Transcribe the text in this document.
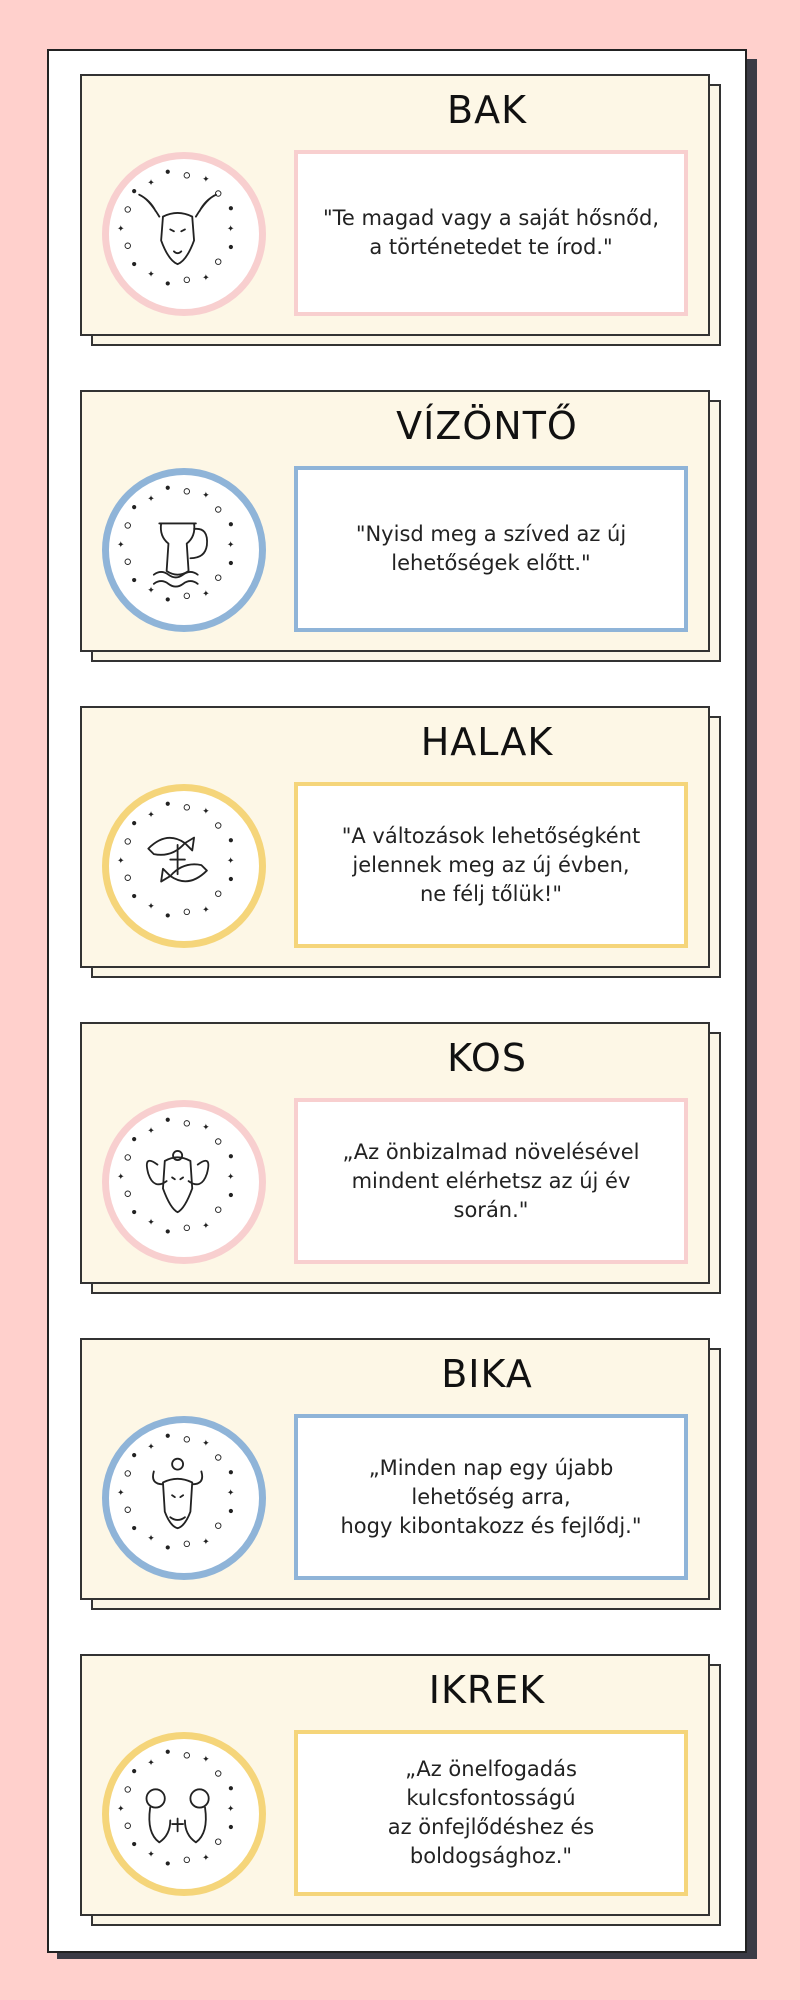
BAK
✦
✦
✦
✦
✦	✦
"Te magad vagy a saját hősnőd,
a történetedet te írod."
VÍZÖNTŐ
✦
✦
✦
✦
✦	✦
"Nyisd meg a szíved az új
lehetőségek előtt."
HALAK
✦
✦
✦
✦
✦	✦
"A változások lehetőségként
jelennek meg az új évben,
ne félj tőlük!"
KOS
✦
✦
✦
✦
✦	✦
„Az önbizalmad növelésével
mindent elérhetsz az új év
során."
BIKA
✦
✦
✦
✦
✦	✦
„Minden nap egy újabb
lehetőség arra,
hogy kibontakozz és fejlődj."
IKREK
✦
✦
✦
✦
✦	✦	„Az önelfogadás kulcsfontosságú
az önfejlődéshez és
boldogsághoz."
